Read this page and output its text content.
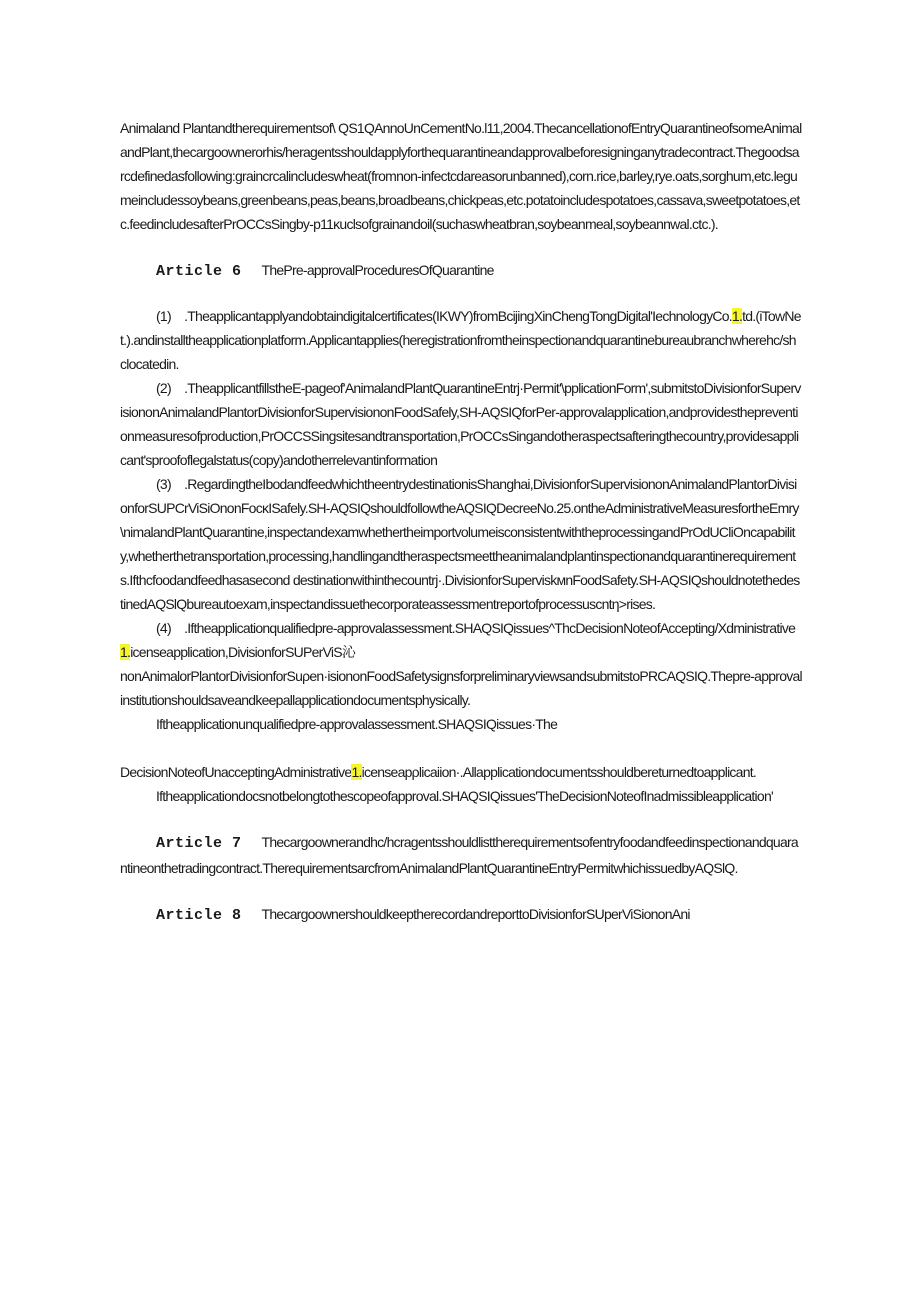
Animaland Plantandtherequirementsof\ QS1QAnnoUnCementNo.l11,2004.ThecancellationofEntryQuarantineofsomeAnimalandPlant,thecargoownerorhis/heragentsshouldapplyforthequarantineandapprovalbeforesigninganytradecontract.Thegoodsarcdefinedasfollowing:graincrcalincludeswheat(fromnon-infectcdareasorunbanned),corn.rice,barley,rye.oats,sorghum,etc.legumeincludessoybeans,greenbeans,peas,beans,broadbeans,chickpeas,etc.potatoincludespotatoes,cassava,sweetpotatoes,etc.feedincludesafterPrOCCsSingby-p11κuclsofgrainandoil(suchaswheatbran,soybeanmeal,soybeannwal.ctc.).

Article 6 ThePre-approvalProceduresOfQuarantine

(1) .Theapplicantapplyandobtaindigitalcertificates(IKWY)fromBcijingXinChengTongDigital'IechnologyCo.1.td.(iTowNet.).andinstalltheapplicationplatform.Applicantapplies(heregistrationfromtheinspectionandquarantinebureaubranchwherehc/shclocatedin.

(2) .TheapplicantfillstheE-pageof'AnimalandPlantQuarantineEntrj·Permit'\pplicationForm',submitstoDivisionforSupervisiononAnimalandPlantorDivisionforSupervisiononFoodSafely,SH-AQSIQforPer-approvalapplication,andprovidesthepreventionmeasuresofproduction,PrOCCSSingsitesandtransportation,PrOCCsSingandotheraspectsafteringthecountry,providesapplicant'sproofoflegalstatus(copy)andotherrelevantinformation

(3) .RegardingtheIbodandfeedwhichtheentrydestinationisShanghai,DivisionforSupervisiononAnimalandPlantorDivisionforSUPCrViSiOnonFοcκISafely.SH-AQSIQshouldfollowtheAQSIQDecreeNo.25.ontheAdministrativeMeasuresfortheEmry\nimalandPlantQuarantine,inspectandexamwhethertheimportvolumeisconsistentwiththeprocessingandPrOdUCliOncapability,whetherthetransportation,processing,handlingandtheraspectsmeettheanimalandplantinspectionandquarantinerequirements.Ifthcfoodandfeedhasasecond destinationwithinthecountrj·.DivisionforSuperviskмnFoodSafety.SH-AQSIQshouldnotethedestinedAQSlQbureautoexam,inspectandissuethecorporateassessmentreportofprocessuscntη>rises.

(4) .Iftheapplicationqualifiedpre-approvalassessment.SHAQSIQissues^ThcDecisionNoteofAccepting/Xdministrative1.icenseapplication,DivisionforSUPerViS沁

nonAnimalorPlantorDivisionforSuρen·isiononFoodSafetysignsforpreliminaryviewsandsubmitstoPRCAQSIQ.Thepre-approvalinstitutionshouldsaveandkeepallapplicationdocumentsphysically.

Iftheapplicationunqualifiedpre-approvalassessment.SHAQSIQissues·The

DecisionNoteofUnacceptingAdministrative1.icenseapρlicaiion·.Allapplicationdocumentsshouldbereturnedtoapplicant.

Iftheapplicationdocsnotbelongtothescopeofapproval.SHAQSIQissues'TheDecisionNoteofInadmissibleapplication'

Article 7 Thecargoownerandhc/hcragentsshouldlisttherequirementsofentryfoodandfeedinspectionandquarantineonthetradingcontract.TherequirementsarcfromAnimalandPlantQuarantineEntryPermitwhichissuedbyAQSlQ.

Article 8 ThecargoownershouldkeeptherecordandreporttoDivisionforSUperViSiononAni
